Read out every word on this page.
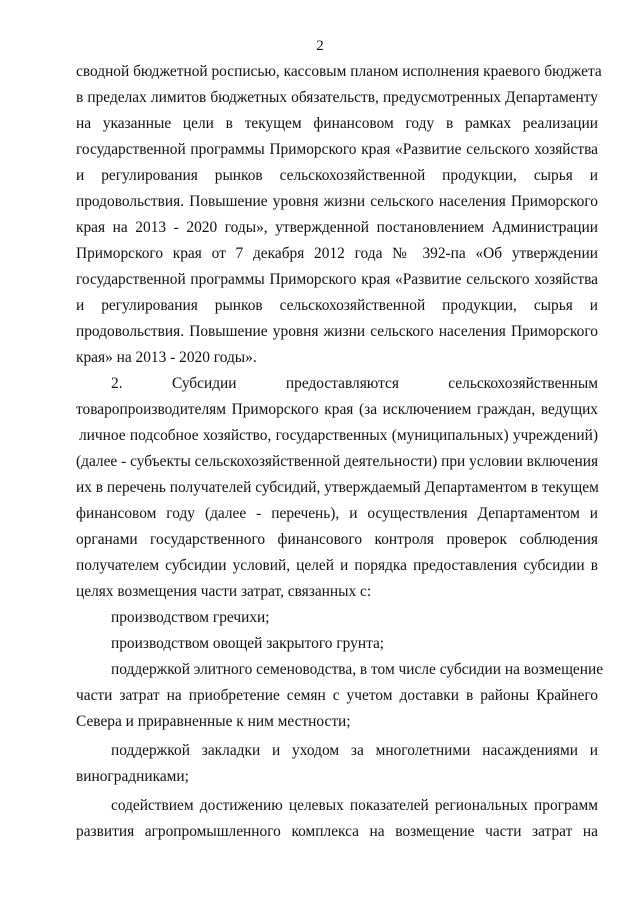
2
сводной бюджетной росписью, кассовым планом исполнения краевого бюджета
в пределах лимитов бюджетных обязательств, предусмотренных Департаменту
на указанные цели в текущем финансовом году в рамках реализации
государственной программы Приморского края «Развитие сельского хозяйства
и регулирования рынков сельскохозяйственной продукции, сырья и
продовольствия. Повышение уровня жизни сельского населения Приморского
края на 2013 - 2020 годы», утвержденной постановлением Администрации
Приморского края от 7 декабря 2012 года № 392-па «Об утверждении
государственной программы Приморского края «Развитие сельского хозяйства
и регулирования рынков сельскохозяйственной продукции, сырья и
продовольствия. Повышение уровня жизни сельского населения Приморского
края» на 2013 - 2020 годы».
2. Субсидии предоставляются сельскохозяйственным
товаропроизводителям Приморского края (за исключением граждан, ведущих
личное подсобное хозяйство, государственных (муниципальных) учреждений)
(далее - субъекты сельскохозяйственной деятельности) при условии включения
их в перечень получателей субсидий, утверждаемый Департаментом в текущем
финансовом году (далее - перечень), и осуществления Департаментом и
органами государственного финансового контроля проверок соблюдения
получателем субсидии условий, целей и порядка предоставления субсидии в
целях возмещения части затрат, связанных с:
производством гречихи;
производством овощей закрытого грунта;
поддержкой элитного семеноводства, в том числе субсидии на возмещение
части затрат на приобретение семян с учетом доставки в районы Крайнего
Севера и приравненные к ним местности;
поддержкой закладки и уходом за многолетними насаждениями и
виноградниками;
содействием достижению целевых показателей региональных программ
развития агропромышленного комплекса на возмещение части затрат на
